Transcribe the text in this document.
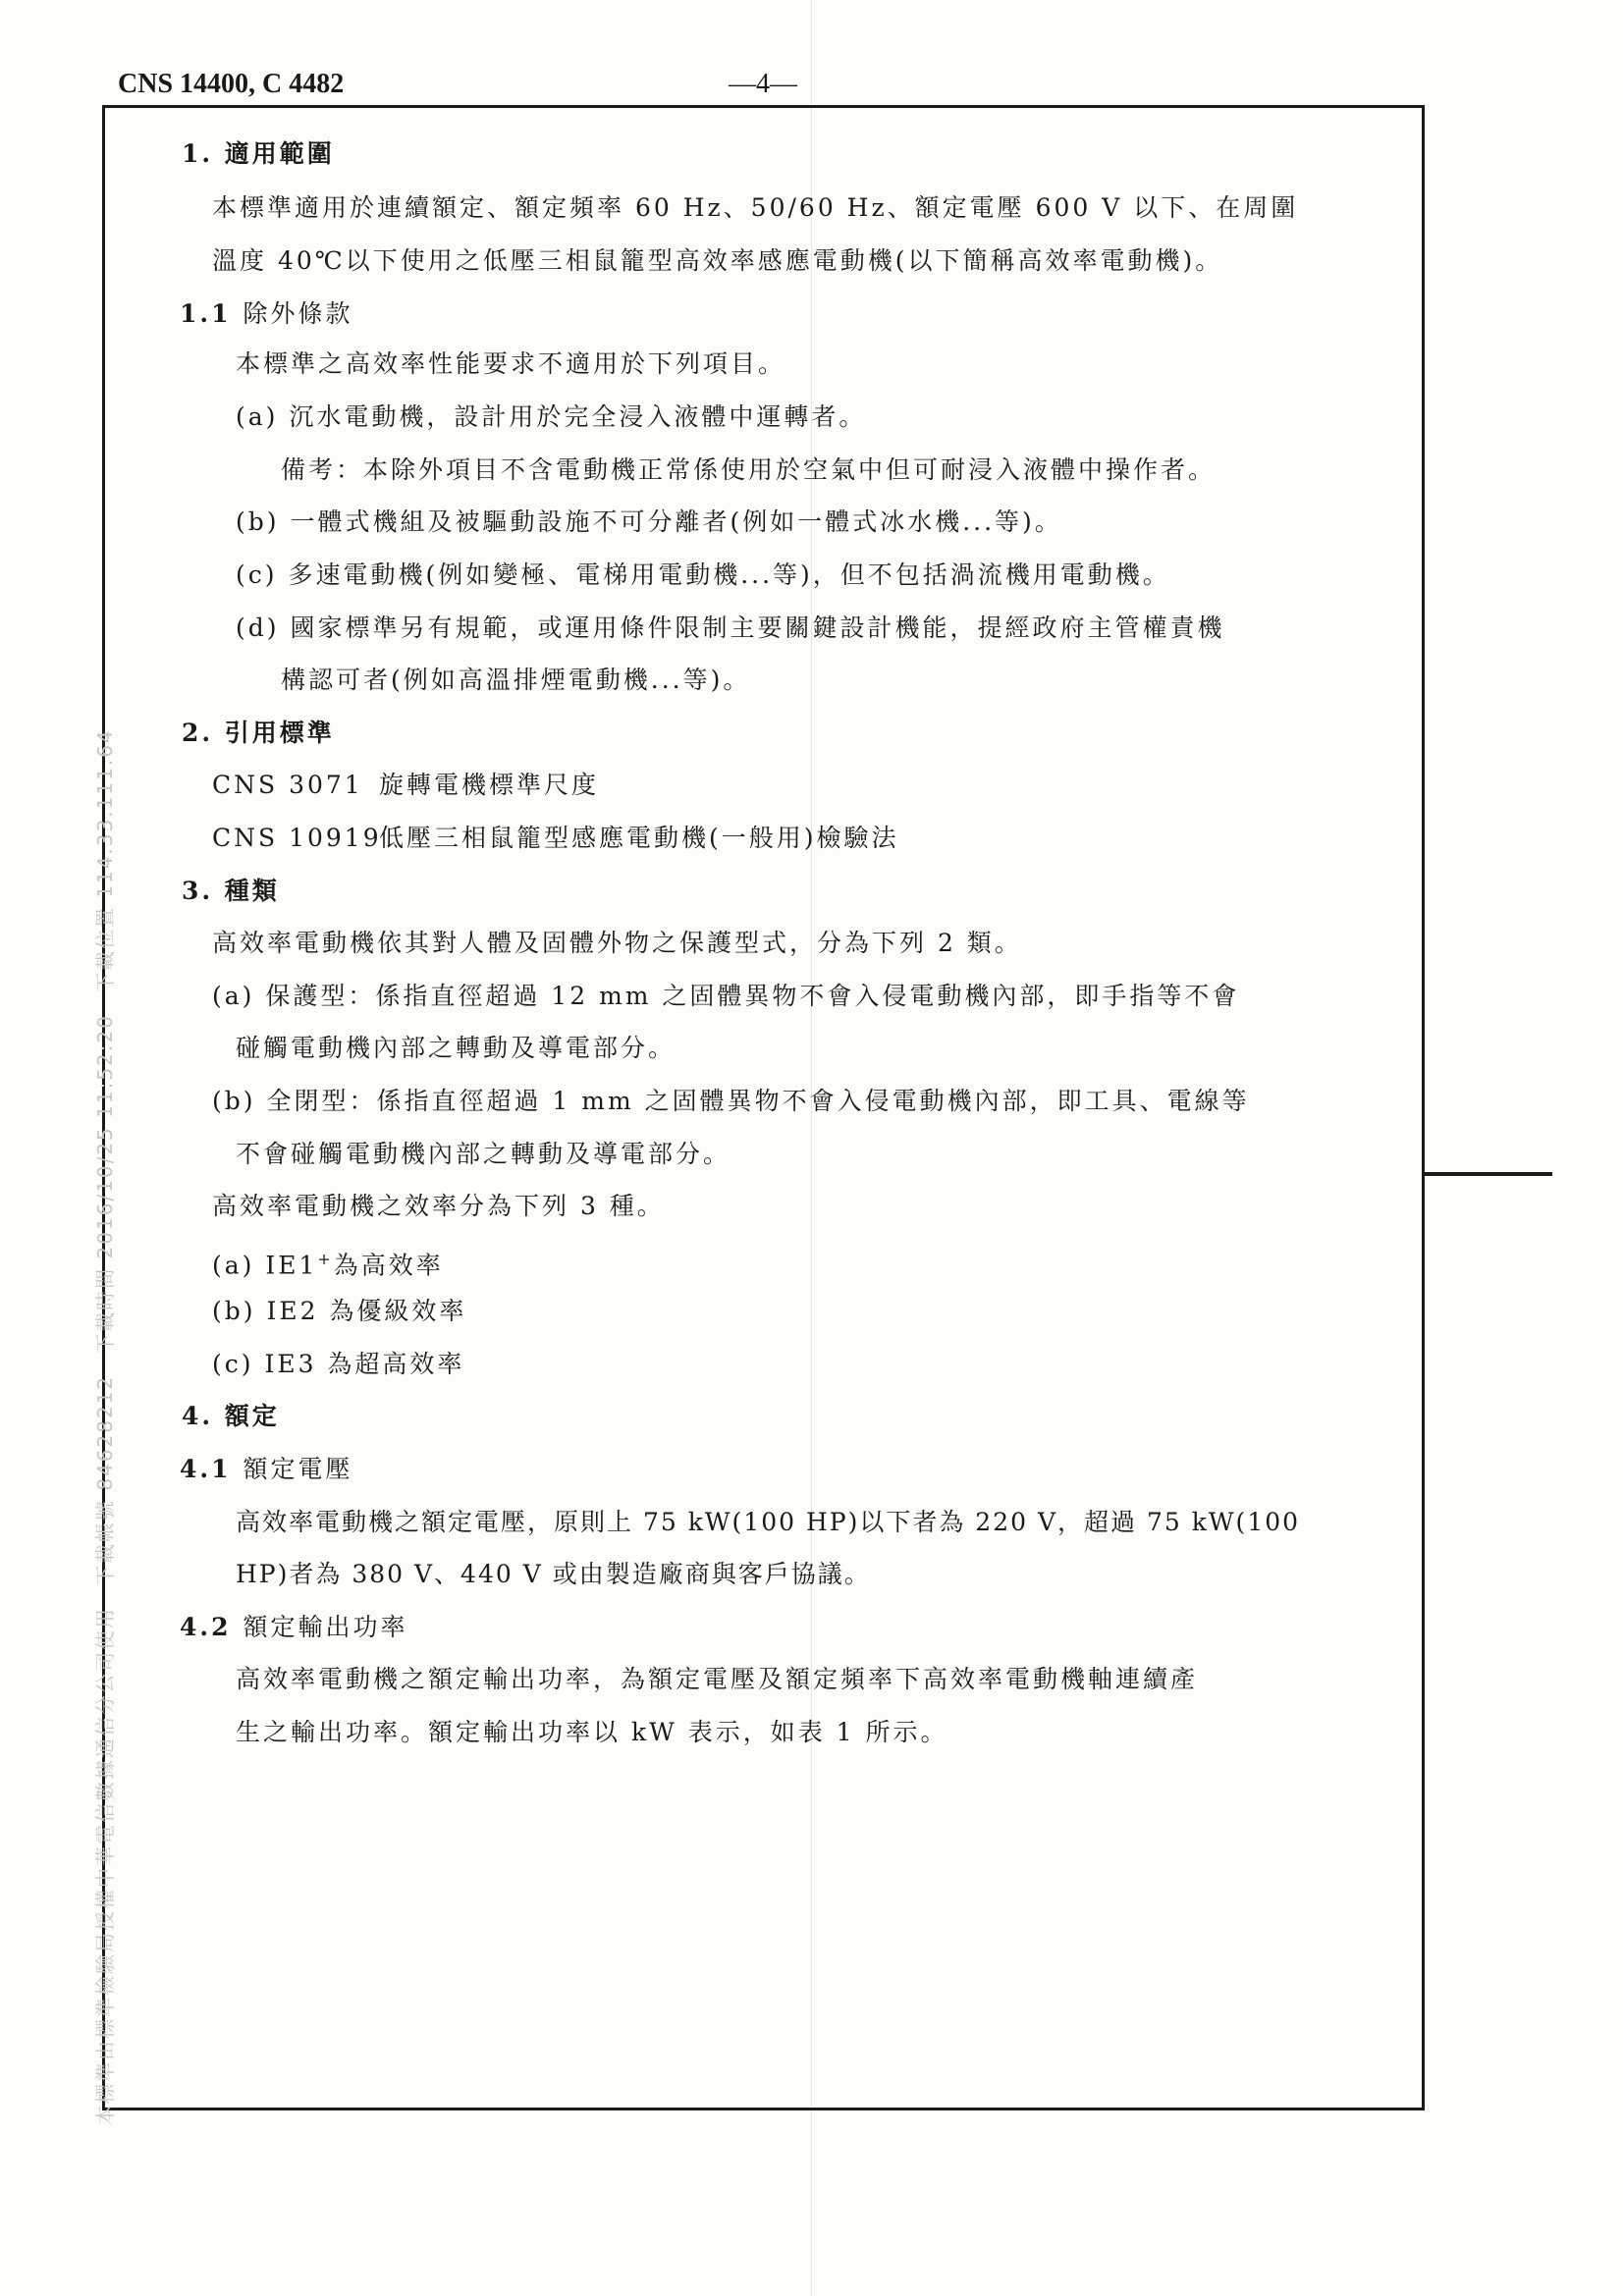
CNS 14400, C 4482	—4—
本標準由標準檢驗局授權中華電信數據通信分公司使用　下載帳號 84628212　下載時間 2016/10/25 11:52:20　下載位置 114.33.111.64
1. 適用範圍
本標準適用於連續額定、額定頻率 60 Hz、50/60 Hz、額定電壓 600 V 以下、在周圍
溫度 40℃以下使用之低壓三相鼠籠型高效率感應電動機(以下簡稱高效率電動機)。
1.1 除外條款
本標準之高效率性能要求不適用於下列項目。
(a) 沉水電動機，設計用於完全浸入液體中運轉者。
備考：本除外項目不含電動機正常係使用於空氣中但可耐浸入液體中操作者。
(b) 一體式機組及被驅動設施不可分離者(例如一體式冰水機...等)。
(c) 多速電動機(例如變極、電梯用電動機...等)，但不包括渦流機用電動機。
(d) 國家標準另有規範，或運用條件限制主要關鍵設計機能，提經政府主管權責機
構認可者(例如高溫排煙電動機...等)。
2. 引用標準
CNS 3071 旋轉電機標準尺度
CNS 10919
低壓三相鼠籠型感應電動機(一般用)檢驗法
3. 種類
高效率電動機依其對人體及固體外物之保護型式，分為下列 2 類。
(a) 保護型：係指直徑超過 12 mm 之固體異物不會入侵電動機內部，即手指等不會
碰觸電動機內部之轉動及導電部分。
(b) 全閉型：係指直徑超過 1 mm 之固體異物不會入侵電動機內部，即工具、電線等
不會碰觸電動機內部之轉動及導電部分。
高效率電動機之效率分為下列 3 種。
(a) IE1+為高效率
(b) IE2 為優級效率
(c) IE3 為超高效率
4. 額定
4.1 額定電壓
高效率電動機之額定電壓，原則上 75 kW(100 HP)以下者為 220 V，超過 75 kW(100
HP)者為 380 V、440 V 或由製造廠商與客戶協議。
4.2 額定輸出功率
高效率電動機之額定輸出功率，為額定電壓及額定頻率下高效率電動機軸連續產
生之輸出功率。額定輸出功率以 kW 表示，如表 1 所示。
